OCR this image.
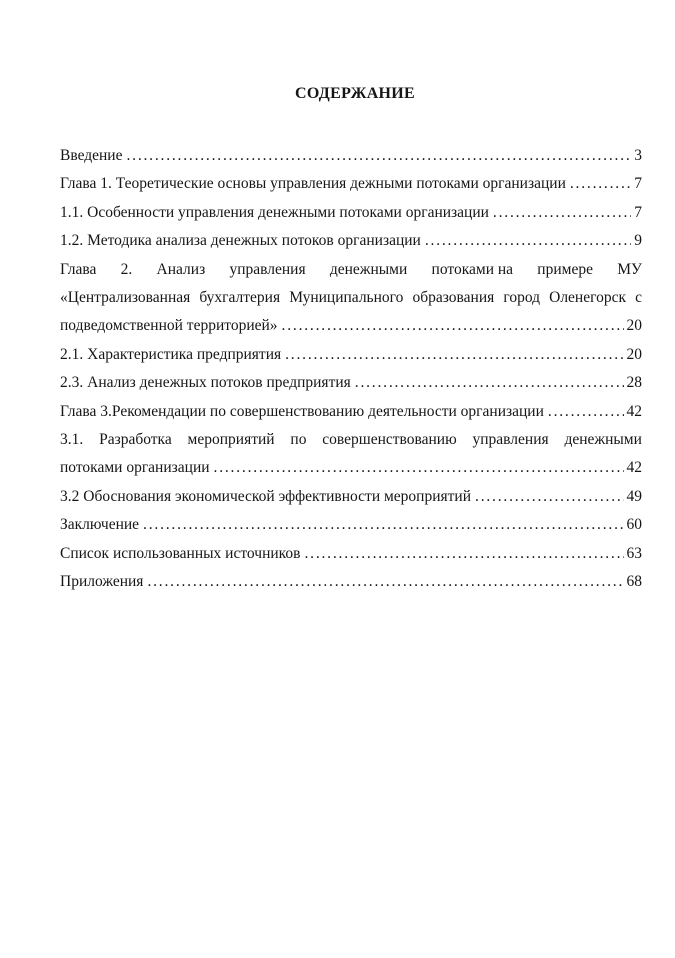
СОДЕРЖАНИЕ
Введение .....	3
Глава 1. Теоретические основы управления дежными потоками организации .....	7
1.1. Особенности управления денежными потоками организации .....	7
1.2. Методика анализа денежных потоков организации .....	9
Глава 2. Анализ управления денежными потоками на примере МУ
«Централизованная бухгалтерия Муниципального образования город Оленегорск с
подведомственной территорией» .....	20
2.1. Характеристика предприятия .....	20
2.3. Анализ денежных потоков предприятия .....	28
Глава 3.Рекомендации по совершенствованию деятельности организации .....	42
3.1. Разработка мероприятий по совершенствованию управления денежными
потоками организации .....	42
3.2 Обоснования экономической эффективности мероприятий .....	49
Заключение .....	60
Список использованных источников .....	63
Приложения .....	68
